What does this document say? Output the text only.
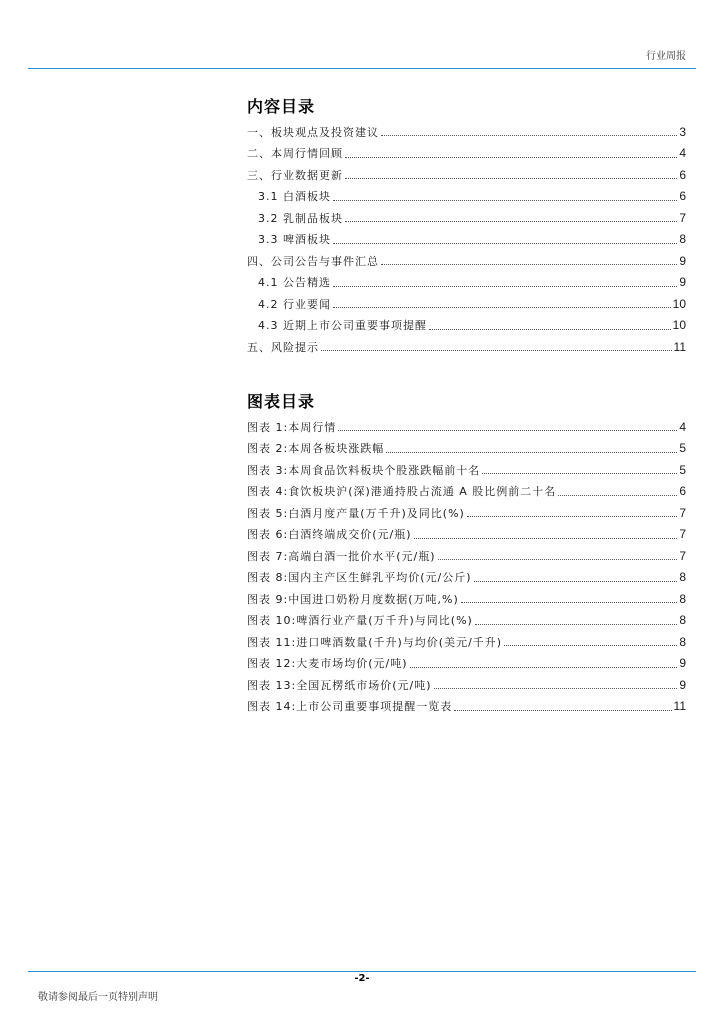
行业周报
内容目录
一、板块观点及投资建议	3
二、本周行情回顾	4
三、行业数据更新	6
3.1 白酒板块	6
3.2 乳制品板块	7
3.3 啤酒板块	8
四、公司公告与事件汇总	9
4.1 公告精选	9
4.2 行业要闻	10
4.3 近期上市公司重要事项提醒	10
五、风险提示	11
图表目录
图表 1:本周行情	4
图表 2:本周各板块涨跌幅	5
图表 3:本周食品饮料板块个股涨跌幅前十名	5
图表 4:食饮板块沪(深)港通持股占流通 A 股比例前二十名	6
图表 5:白酒月度产量(万千升)及同比(%)	7
图表 6:白酒终端成交价(元/瓶)	7
图表 7:高端白酒一批价水平(元/瓶)	7
图表 8:国内主产区生鲜乳平均价(元/公斤)	8
图表 9:中国进口奶粉月度数据(万吨,%)	8
图表 10:啤酒行业产量(万千升)与同比(%)	8
图表 11:进口啤酒数量(千升)与均价(美元/千升)	8
图表 12:大麦市场均价(元/吨)	9
图表 13:全国瓦楞纸市场价(元/吨)	9
图表 14:上市公司重要事项提醒一览表	11
-2-
敬请参阅最后一页特别声明
